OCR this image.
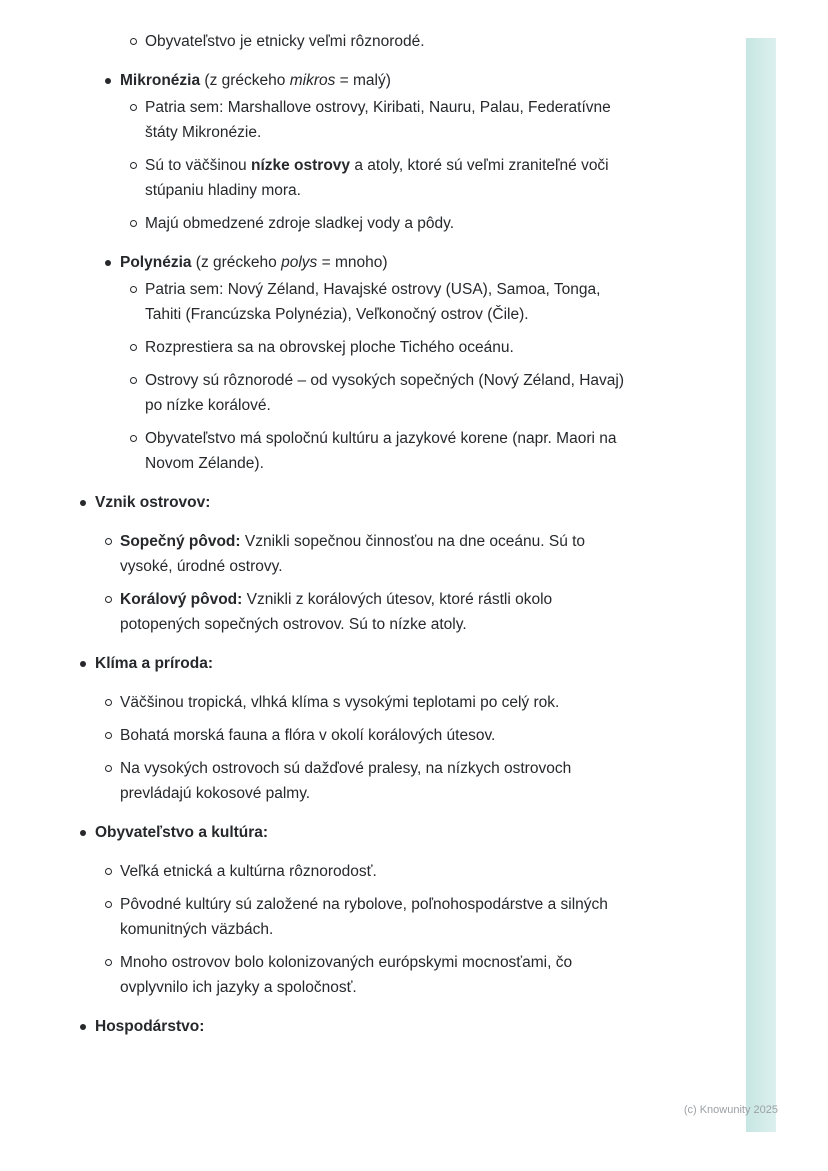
Obyvateľstvo je etnicky veľmi rôznorodé.
Mikronézia (z gréckeho mikros = malý)
Patria sem: Marshallove ostrovy, Kiribati, Nauru, Palau, Federatívne štáty Mikronézie.
Sú to väčšinou nízke ostrovy a atoly, ktoré sú veľmi zraniteľné voči stúpaniu hladiny mora.
Majú obmedzené zdroje sladkej vody a pôdy.
Polynézia (z gréckeho polys = mnoho)
Patria sem: Nový Zéland, Havajské ostrovy (USA), Samoa, Tonga, Tahiti (Francúzska Polynézia), Veľkonočný ostrov (Čile).
Rozprestiera sa na obrovskej ploche Tichého oceánu.
Ostrovy sú rôznorodé – od vysokých sopečných (Nový Zéland, Havaj) po nízke korálové.
Obyvateľstvo má spoločnú kultúru a jazykové korene (napr. Maori na Novom Zélande).
Vznik ostrovov:
Sopečný pôvod: Vznikli sopečnou činnosťou na dne oceánu. Sú to vysoké, úrodné ostrovy.
Korálový pôvod: Vznikli z korálových útesov, ktoré rástli okolo potopených sopečných ostrovov. Sú to nízke atoly.
Klíma a príroda:
Väčšinou tropická, vlhká klíma s vysokými teplotami po celý rok.
Bohatá morská fauna a flóra v okolí korálových útesov.
Na vysokých ostrovoch sú dažďové pralesy, na nízkych ostrovoch prevládajú kokosové palmy.
Obyvateľstvo a kultúra:
Veľká etnická a kultúrna rôznorodosť.
Pôvodné kultúry sú založené na rybolove, poľnohospodárstve a silných komunitných väzbách.
Mnoho ostrovov bolo kolonizovaných európskymi mocnosťami, čo ovplyvnilo ich jazyky a spoločnosť.
Hospodárstvo:
(c) Knowunity 2025
